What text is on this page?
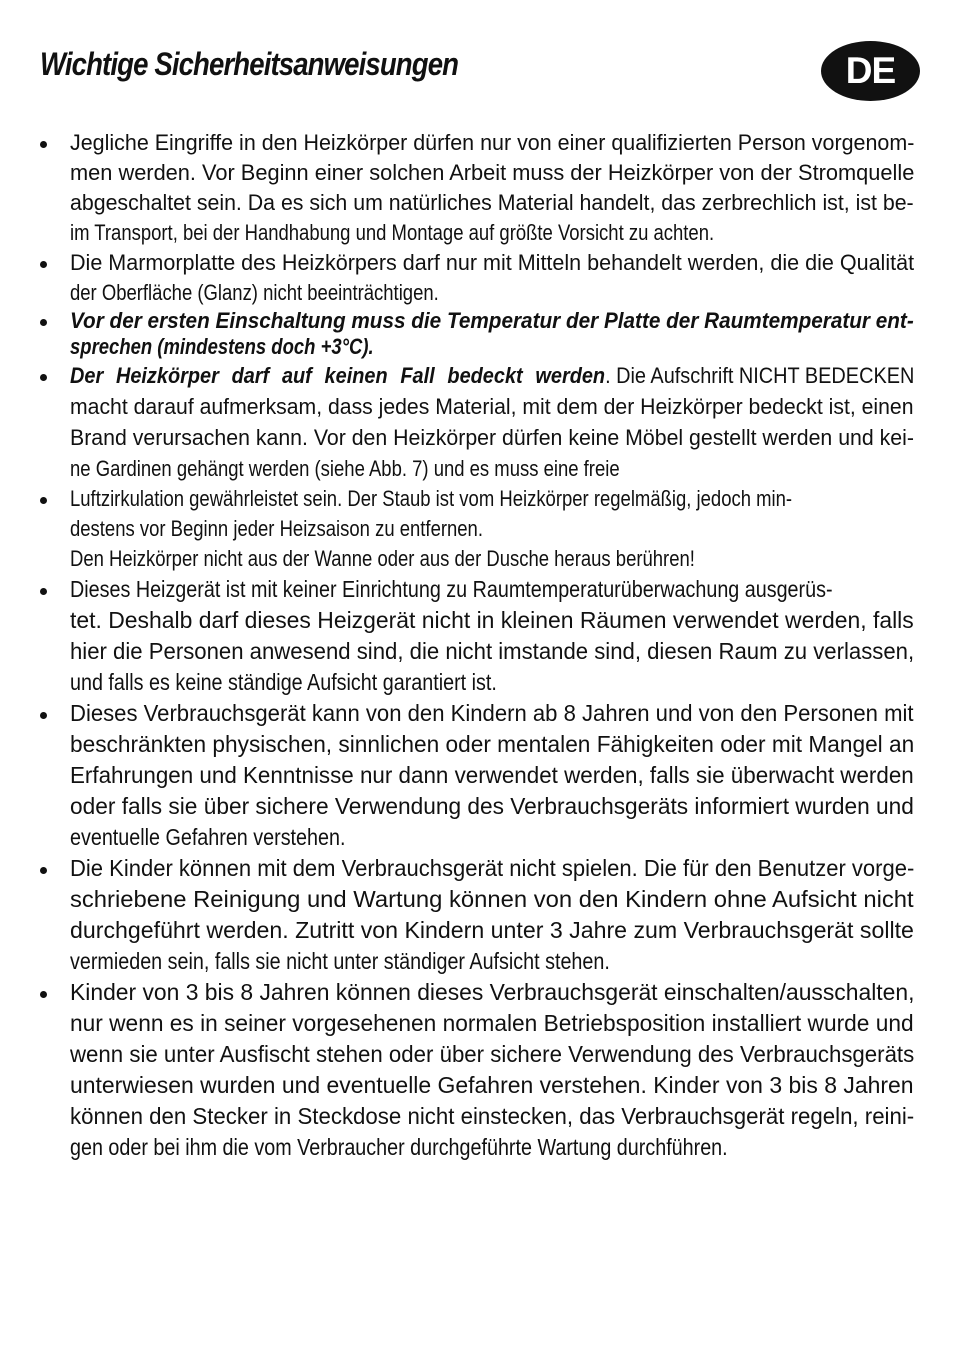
Wichtige Sicherheitsanweisungen	DE
Jegliche Eingriffe in den Heizkörper dürfen nur von einer qualifizierten Person vorgenom-
men werden. Vor Beginn einer solchen Arbeit muss der Heizkörper von der Stromquelle
abgeschaltet sein. Da es sich um natürliches Material handelt, das zerbrechlich ist, ist be-
im Transport, bei der Handhabung und Montage auf größte Vorsicht zu achten.
Die Marmorplatte des Heizkörpers darf nur mit Mitteln behandelt werden, die die Qualität
der Oberfläche (Glanz) nicht beeinträchtigen.
Vor der ersten Einschaltung muss die Temperatur der Platte der Raumtemperatur ent-
sprechen (mindestens doch +3°C).
Der Heizkörper darf auf keinen Fall bedeckt werden. Die Aufschrift NICHT BEDECKEN
macht darauf aufmerksam, dass jedes Material, mit dem der Heizkörper bedeckt ist, einen
Brand verursachen kann. Vor den Heizkörper dürfen keine Möbel gestellt werden und kei-
ne Gardinen gehängt werden (siehe Abb. 7) und es muss eine freie
Luftzirkulation gewährleistet sein. Der Staub ist vom Heizkörper regelmäßig, jedoch min-
destens vor Beginn jeder Heizsaison zu entfernen.
Den Heizkörper nicht aus der Wanne oder aus der Dusche heraus berühren!
Dieses Heizgerät ist mit keiner Einrichtung zu Raumtemperaturüberwachung ausgerüs-
tet. Deshalb darf dieses Heizgerät nicht in kleinen Räumen verwendet werden, falls
hier die Personen anwesend sind, die nicht imstande sind, diesen Raum zu verlassen,
und falls es keine ständige Aufsicht garantiert ist.
Dieses Verbrauchsgerät kann von den Kindern ab 8 Jahren und von den Personen mit
beschränkten physischen, sinnlichen oder mentalen Fähigkeiten oder mit Mangel an
Erfahrungen und Kenntnisse nur dann verwendet werden, falls sie überwacht werden
oder falls sie über sichere Verwendung des Verbrauchsgeräts informiert wurden und
eventuelle Gefahren verstehen.
Die Kinder können mit dem Verbrauchsgerät nicht spielen. Die für den Benutzer vorge-
schriebene Reinigung und Wartung können von den Kindern ohne Aufsicht nicht
durchgeführt werden. Zutritt von Kindern unter 3 Jahre zum Verbrauchsgerät sollte
vermieden sein, falls sie nicht unter ständiger Aufsicht stehen.
Kinder von 3 bis 8 Jahren können dieses Verbrauchsgerät einschalten/ausschalten,
nur wenn es in seiner vorgesehenen normalen Betriebsposition installiert wurde und
wenn sie unter Ausfischt stehen oder über sichere Verwendung des Verbrauchsgeräts
unterwiesen wurden und eventuelle Gefahren verstehen. Kinder von 3 bis 8 Jahren
können den Stecker in Steckdose nicht einstecken, das Verbrauchsgerät regeln, reini-
gen oder bei ihm die vom Verbraucher durchgeführte Wartung durchführen.
